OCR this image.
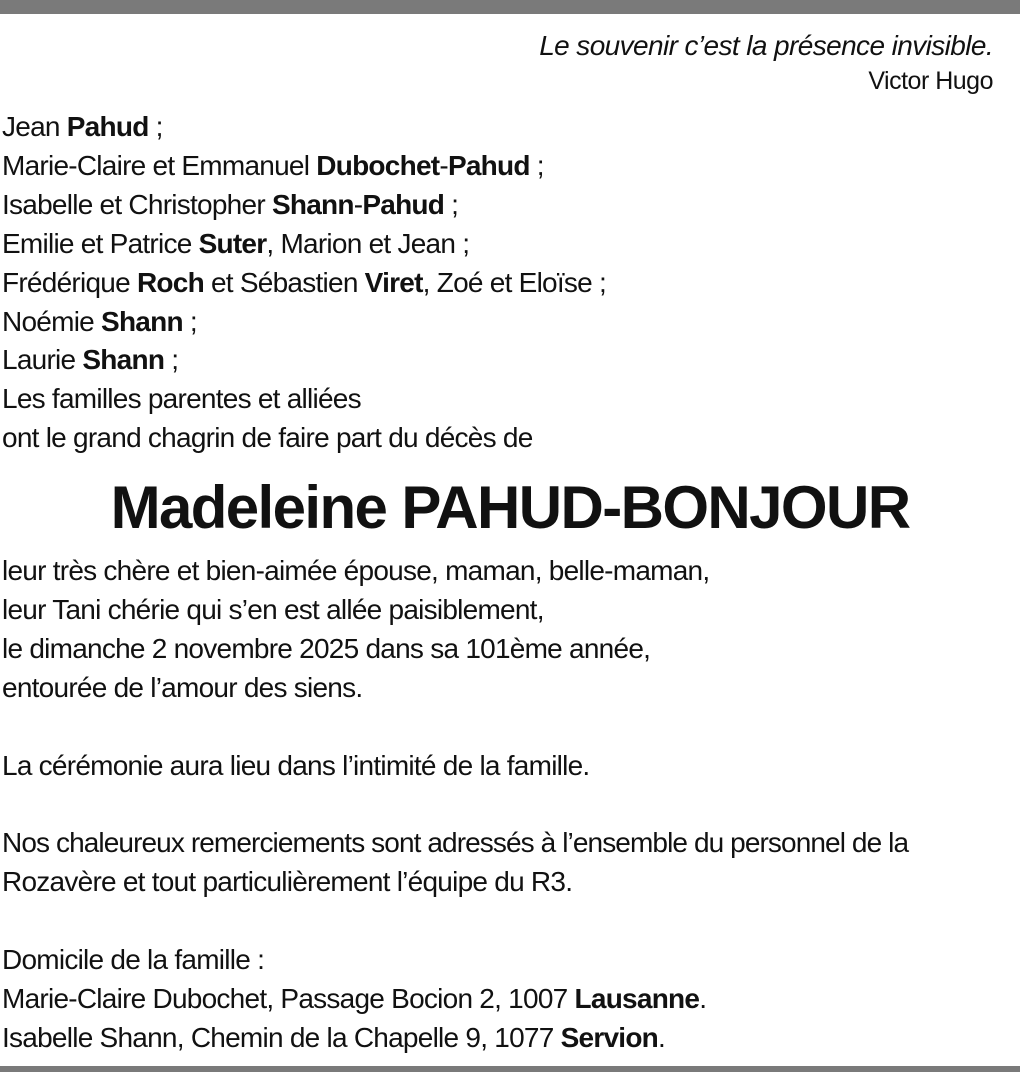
Le souvenir c’est la présence invisible.
Victor Hugo
Jean Pahud ;
Marie-Claire et Emmanuel Dubochet-Pahud ;
Isabelle et Christopher Shann-Pahud ;
Emilie et Patrice Suter, Marion et Jean ;
Frédérique Roch et Sébastien Viret, Zoé et Eloïse ;
Noémie Shann ;
Laurie Shann ;
Les familles parentes et alliées
ont le grand chagrin de faire part du décès de
Madeleine PAHUD-BONJOUR
leur très chère et bien-aimée épouse, maman, belle-maman,
leur Tani chérie qui s’en est allée paisiblement,
le dimanche 2 novembre 2025 dans sa 101ème année,
entourée de l’amour des siens.
La cérémonie aura lieu dans l’intimité de la famille.
Nos chaleureux remerciements sont adressés à l’ensemble du personnel de la
Rozavère et tout particulièrement l’équipe du R3.
Domicile de la famille :
Marie-Claire Dubochet, Passage Bocion 2, 1007 Lausanne.
Isabelle Shann, Chemin de la Chapelle 9, 1077 Servion.
